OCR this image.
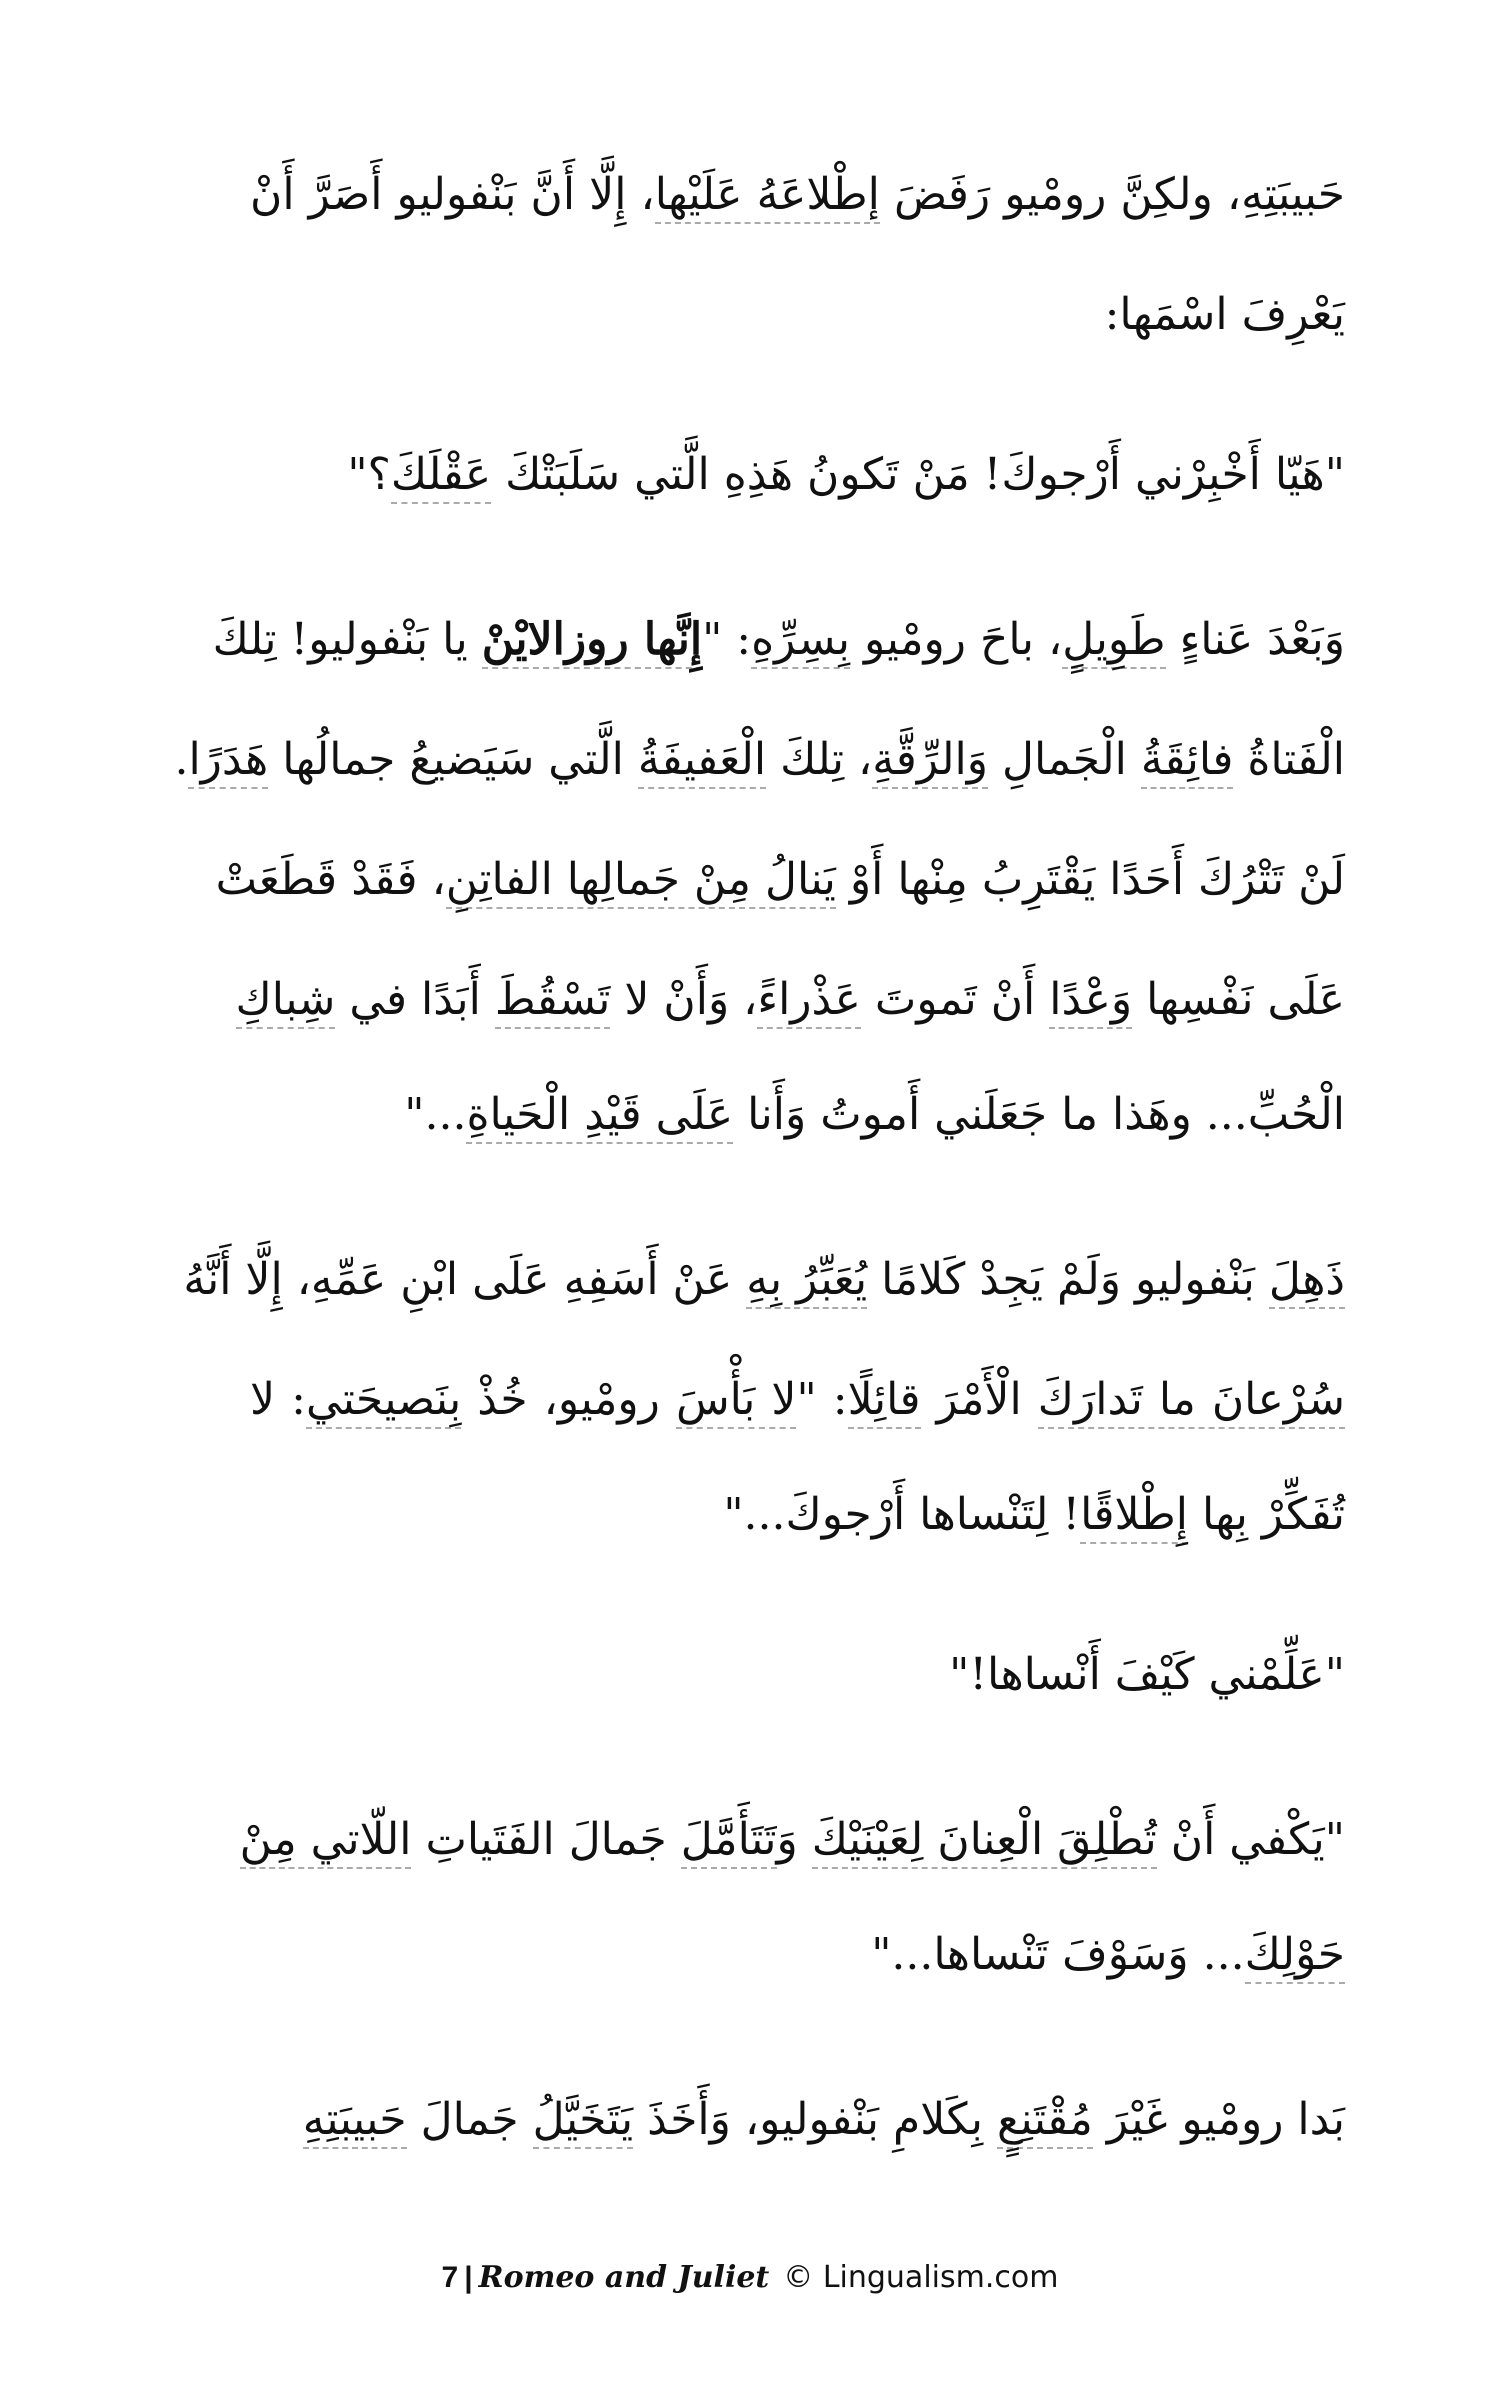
حَبيبَتِهِ، ولكِنَّ رومْيو رَفَضَ إطْلاعَهُ عَلَيْها، إِلَّا أَنَّ بَنْفوليو أَصَرَّ أَنْ
يَعْرِفَ اسْمَها:
"هَيّا أَخْبِرْني أَرْجوكَ! مَنْ تَكونُ هَذِهِ الَّتي سَلَبَتْكَ عَقْلَكَ؟"
وَبَعْدَ عَناءٍ طَوِيلٍ، باحَ رومْيو بِسِرِّهِ: "إِنَّها روزالايْنْ يا بَنْفوليو! تِلكَ
الْفَتاةُ فائِقَةُ الْجَمالِ وَالرِّقَّةِ، تِلكَ الْعَفيفَةُ الَّتي سَيَضيعُ جمالُها هَدَرًا.
لَنْ تَتْرُكَ أَحَدًا يَقْتَرِبُ مِنْها أَوْ يَنالُ مِنْ جَمالِها الفاتِنِ، فَقَدْ قَطَعَتْ
عَلَى نَفْسِها وَعْدًا أَنْ تَموتَ عَذْراءً، وَأَنْ لا تَسْقُطَ أَبَدًا في شِباكِ
الْحُبِّ... وهَذا ما جَعَلَني أَموتُ وَأَنا عَلَى قَيْدِ الْحَياةِ..."
ذَهِلَ بَنْفوليو وَلَمْ يَجِدْ كَلامًا يُعَبِّرُ بِهِ عَنْ أَسَفِهِ عَلَى ابْنِ عَمِّهِ، إِلَّا أَنَّهُ
سُرْعانَ ما تَدارَكَ الْأَمْرَ قائِلًا: "لا بَأْسَ رومْيو، خُذْ بِنَصيحَتي: لا
تُفَكِّرْ بِها إِطْلاقًا! لِتَنْساها أَرْجوكَ..."
"عَلِّمْني كَيْفَ أَنْساها!"
"يَكْفي أَنْ تُطْلِقَ الْعِنانَ لِعَيْنَيْكَ وَتَتَأَمَّلَ جَمالَ الفَتَياتِ اللّاتي مِنْ
حَوْلِكَ... وَسَوْفَ تَنْساها..."
بَدا رومْيو غَيْرَ مُقْتَنِعٍ بِكَلامِ بَنْفوليو، وَأَخَذَ يَتَخَيَّلُ جَمالَ حَبيبَتِهِ
7 | Romeo and Juliet © Lingualism.com
